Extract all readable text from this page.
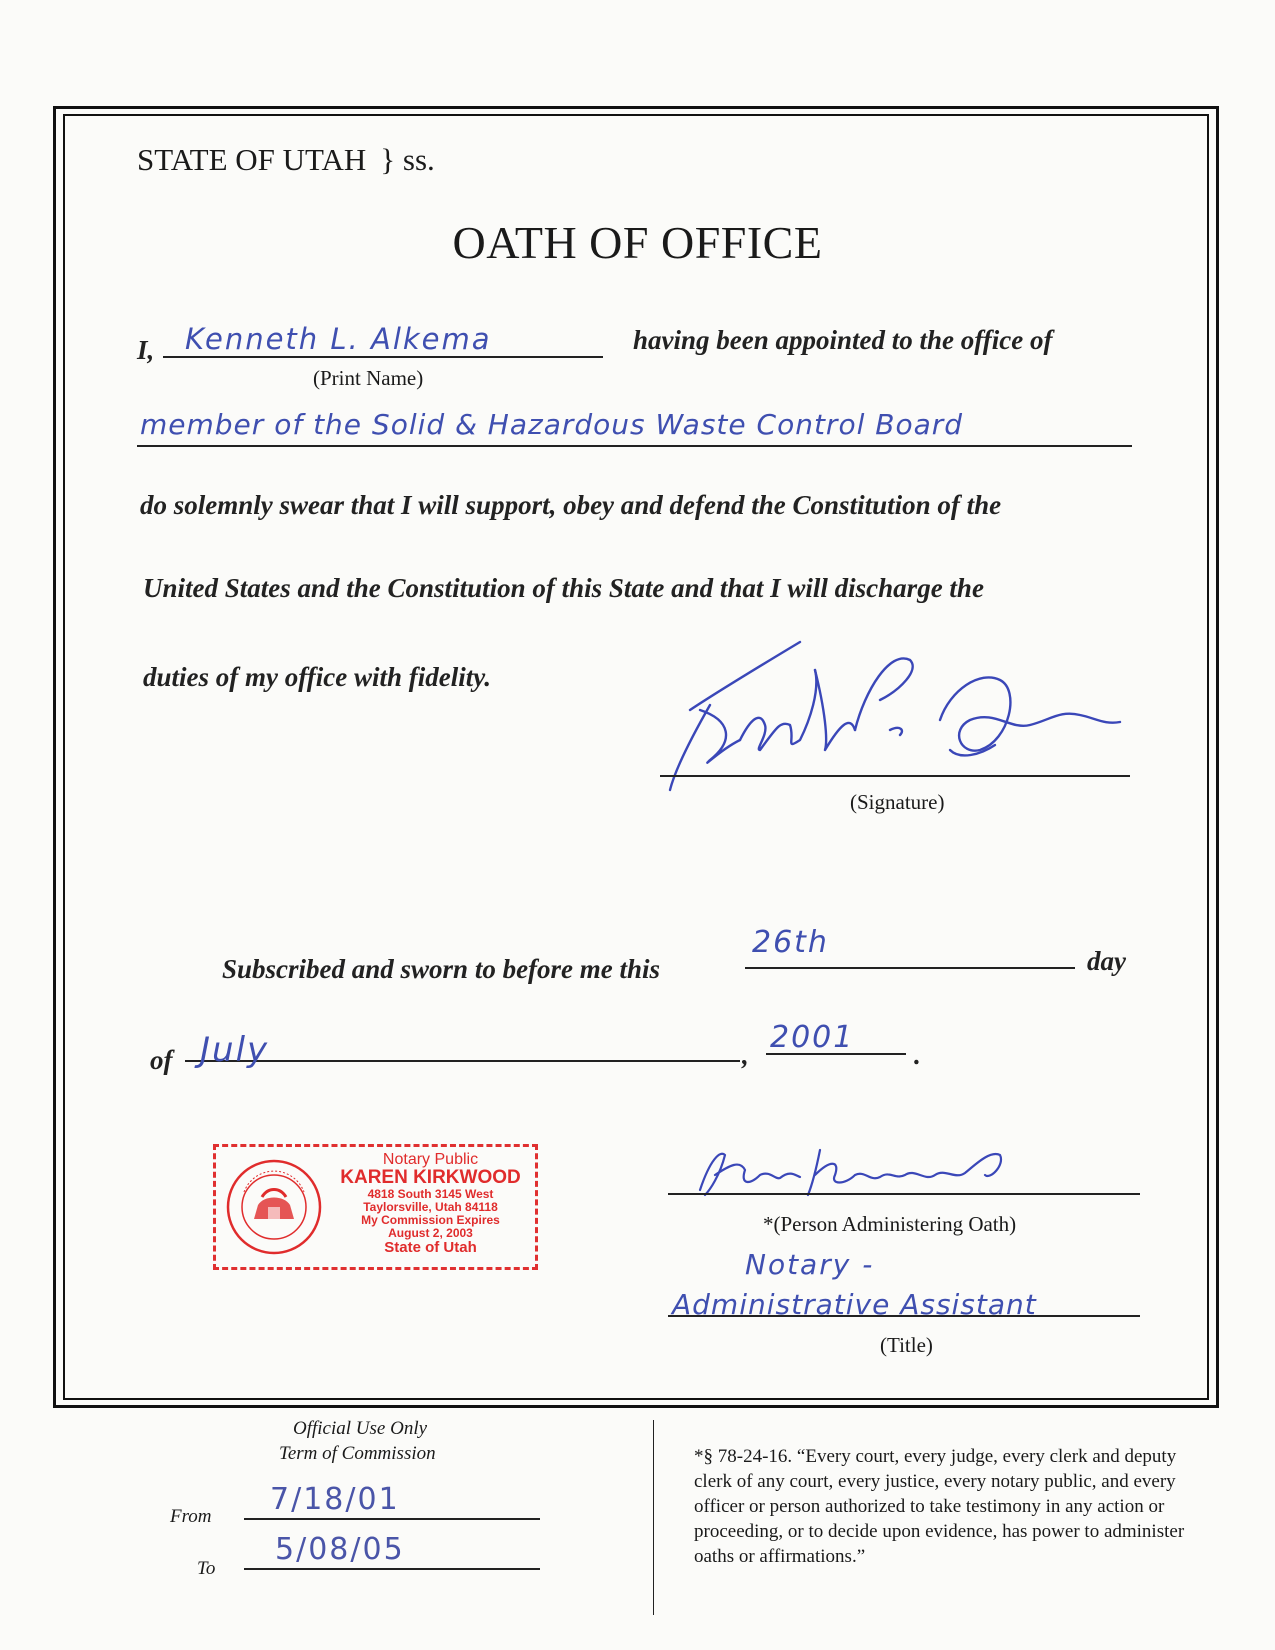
STATE OF UTAH } ss.
OATH OF OFFICE
I, Kenneth L. Alkema	having been appointed to the office of
(Print Name)
member of the Solid & Hazardous Waste Control Board
do solemnly swear that I will support, obey and defend the Constitution of the
United States and the Constitution of this State and that I will discharge the
duties of my office with fidelity.
(Signature)
Subscribed and sworn to before me this
26th
day
of July	, 2001 .
Notary Public
KAREN KIRKWOOD
4818 South 3145 West
Taylorsville, Utah 84118
My Commission Expires
August 2, 2003
State of Utah
*(Person Administering Oath)
Notary -
Administrative Assistant
(Title)
Official Use Only
Term of Commission
From 7/18/01
To
5/08/05
*§ 78-24-16. “Every court, every judge, every clerk and deputy clerk of any court, every justice, every notary public, and every officer or person authorized to take testimony in any action or proceeding, or to decide upon evidence, has power to administer oaths or affirmations.”
